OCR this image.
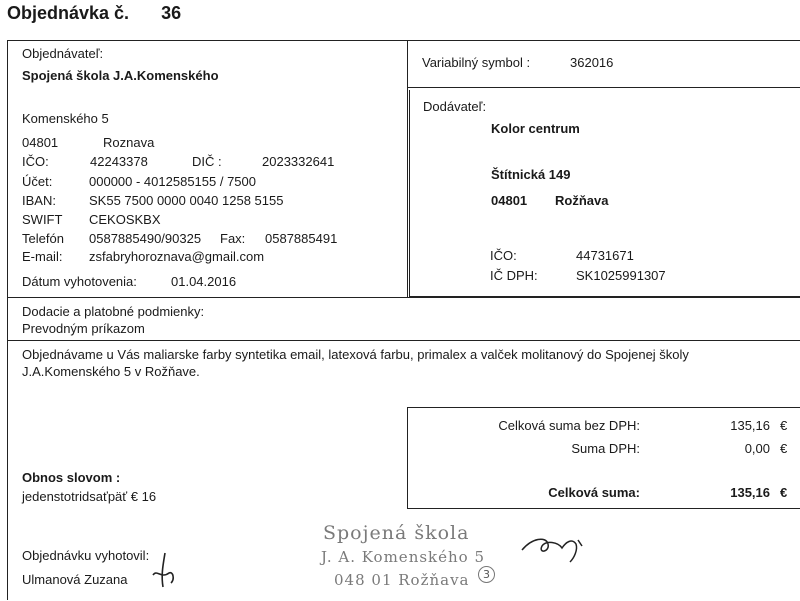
Objednávka č. 36
Objednávateľ:
Spojená škola J.A.Komenského
Komenského 5
04801	Roznava
IČO:	42243378	DIČ :	2023332641
Účet:	000000 - 4012585155 / 7500
IBAN:	SK55 7500 0000 0040 1258 5155
SWIFT CEKOSKBX
Telefón 0587885490/90325 Fax: 0587885491
E-mail: zsfabryhoroznava@gmail.com
Dátum vyhotovenia:	01.04.2016
Variabilný symbol :	362016
Dodávateľ:
Kolor centrum
Štítnická 149
04801 Rožňava
IČO:	44731671
IČ DPH:	SK1025991307
Dodacie a platobné podmienky:
Prevodným príkazom
Objednávame u Vás maliarske farby syntetika email, latexová farbu, primalex a valček molitanový do Spojenej školy
J.A.Komenského 5 v Rožňave.
Celková suma bez DPH:	135,16 €
Suma DPH:	0,00 €
Celková suma:	135,16 €
Obnos slovom :
jedenstotridsaťpäť € 16
Objednávku vyhotovil:
Ulmanová Zuzana
Spojená škola
J. A. Komenského 5
048 01 Rožňava	3
